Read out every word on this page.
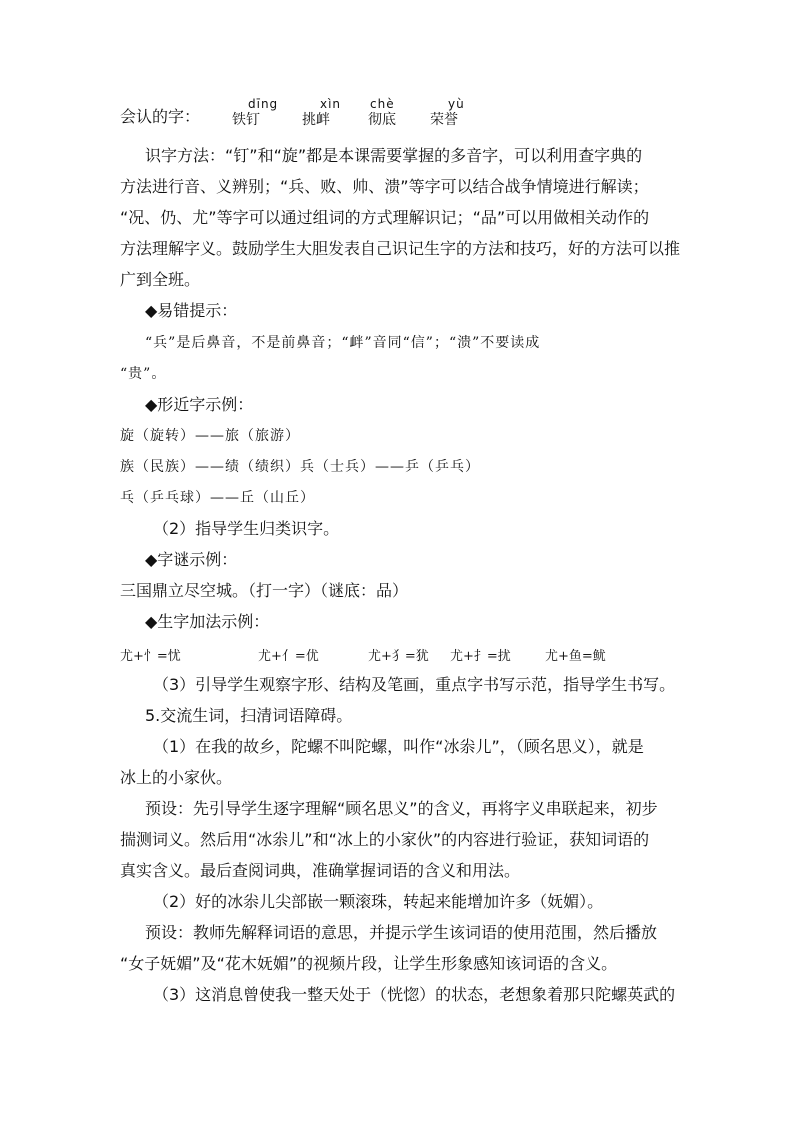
会认的字：
dīng
铁钉
xìn
挑衅
chè
彻底
yù
荣誉
识字方法：“钉”和“旋”都是本课需要掌握的多音字，可以利用查字典的
方法进行音、义辨别；“兵、败、帅、溃”等字可以结合战争情境进行解读；
“况、仍、尤”等字可以通过组词的方式理解识记；“品”可以用做相关动作的
方法理解字义。鼓励学生大胆发表自己识记生字的方法和技巧，好的方法可以推
广到全班。
◆易错提示：
“兵”是后鼻音，不是前鼻音；“衅”音同“信”；“溃”不要读成
“贵”。
◆形近字示例：
旋（旋转）——旅（旅游）
族（民族）——绩（绩织）兵（士兵）——乒（乒乓）
乓（乒乓球）——丘（山丘）
（2）指导学生归类识字。
◆字谜示例：
三国鼎立尽空城。（打一字）（谜底：品）
◆生字加法示例：
尤+忄=忧	尤+亻=优	尤+犭=犹 尤+扌=扰	尤+鱼=鱿
（3）引导学生观察字形、结构及笔画，重点字书写示范，指导学生书写。
5.交流生词，扫清词语障碍。
（1）在我的故乡，陀螺不叫陀螺，叫作“冰尜儿”，（顾名思义），就是
冰上的小家伙。
预设：先引导学生逐字理解“顾名思义”的含义，再将字义串联起来，初步
揣测词义。然后用“冰尜儿”和“冰上的小家伙”的内容进行验证，获知词语的
真实含义。最后查阅词典，准确掌握词语的含义和用法。
（2）好的冰尜儿尖部嵌一颗滚珠，转起来能增加许多（妩媚）。
预设：教师先解释词语的意思，并提示学生该词语的使用范围，然后播放
“女子妩媚”及“花木妩媚”的视频片段，让学生形象感知该词语的含义。
（3）这消息曾使我一整天处于（恍惚）的状态，老想象着那只陀螺英武的
